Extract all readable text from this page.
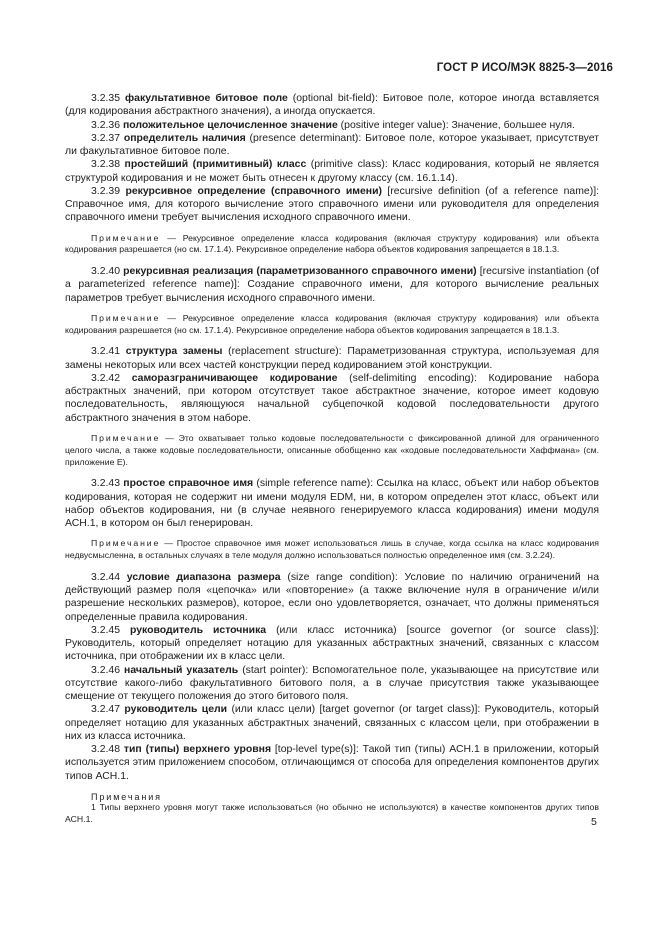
ГОСТ Р ИСО/МЭК 8825-3—2016

3.2.35 факультативное битовое поле (optional bit-field): Битовое поле, которое иногда вставляется (для кодирования абстрактного значения), а иногда опускается.

3.2.36 положительное целочисленное значение (positive integer value): Значение, большее нуля.

3.2.37 определитель наличия (presence determinant): Битовое поле, которое указывает, присутствует ли факультативное битовое поле.

3.2.38 простейший (примитивный) класс (primitive class): Класс кодирования, который не является структурой кодирования и не может быть отнесен к другому классу (см. 16.1.14).

3.2.39 рекурсивное определение (справочного имени) [recursive definition (of a reference name)]: Справочное имя, для которого вычисление этого справочного имени или руководителя для определения справочного имени требует вычисления исходного справочного имени.

Примечание — Рекурсивное определение класса кодирования (включая структуру кодирования) или объекта кодирования разрешается (но см. 17.1.4). Рекурсивное определение набора объектов кодирования запрещается в 18.1.3.

3.2.40 рекурсивная реализация (параметризованного справочного имени) [recursive instantiation (of a parameterized reference name)]: Создание справочного имени, для которого вычисление реальных параметров требует вычисления исходного справочного имени.

Примечание — Рекурсивное определение класса кодирования (включая структуру кодирования) или объекта кодирования разрешается (но см. 17.1.4). Рекурсивное определение набора объектов кодирования запрещается в 18.1.3.

3.2.41 структура замены (replacement structure): Параметризованная структура, используемая для замены некоторых или всех частей конструкции перед кодированием этой конструкции.

3.2.42 саморазграничивающее кодирование (self-delimiting encoding): Кодирование набора абстрактных значений, при котором отсутствует такое абстрактное значение, которое имеет кодовую последовательность, являющуюся начальной субцепочкой кодовой последовательности другого абстрактного значения в этом наборе.

Примечание — Это охватывает только кодовые последовательности с фиксированной длиной для ограниченного целого числа, а также кодовые последовательности, описанные обобщенно как «кодовые последовательности Хаффмана» (см. приложение Е).

3.2.43 простое справочное имя (simple reference name): Ссылка на класс, объект или набор объектов кодирования, которая не содержит ни имени модуля EDM, ни, в котором определен этот класс, объект или набор объектов кодирования, ни (в случае неявного генерируемого класса кодирования) имени модуля АСН.1, в котором он был генерирован.

Примечание — Простое справочное имя может использоваться лишь в случае, когда ссылка на класс кодирования недвусмысленна, в остальных случаях в теле модуля должно использоваться полностью определенное имя (см. 3.2.24).

3.2.44 условие диапазона размера (size range condition): Условие по наличию ограничений на действующий размер поля «цепочка» или «повторение» (а также включение нуля в ограничение и/или разрешение нескольких размеров), которое, если оно удовлетворяется, означает, что должны применяться определенные правила кодирования.

3.2.45 руководитель источника (или класс источника) [source governor (or source class)]: Руководитель, который определяет нотацию для указанных абстрактных значений, связанных с классом источника, при отображении их в класс цели.

3.2.46 начальный указатель (start pointer): Вспомогательное поле, указывающее на присутствие или отсутствие какого-либо факультативного битового поля, а в случае присутствия также указывающее смещение от текущего положения до этого битового поля.

3.2.47 руководитель цели (или класс цели) [target governor (or target class)]: Руководитель, который определяет нотацию для указанных абстрактных значений, связанных с классом цели, при отображении в них из класса источника.

3.2.48 тип (типы) верхнего уровня [top-level type(s)]: Такой тип (типы) АСН.1 в приложении, который используется этим приложением способом, отличающимся от способа для определения компонентов других типов АСН.1.

Примечания

1 Типы верхнего уровня могут также использоваться (но обычно не используются) в качестве компонентов других типов АСН.1.	5
